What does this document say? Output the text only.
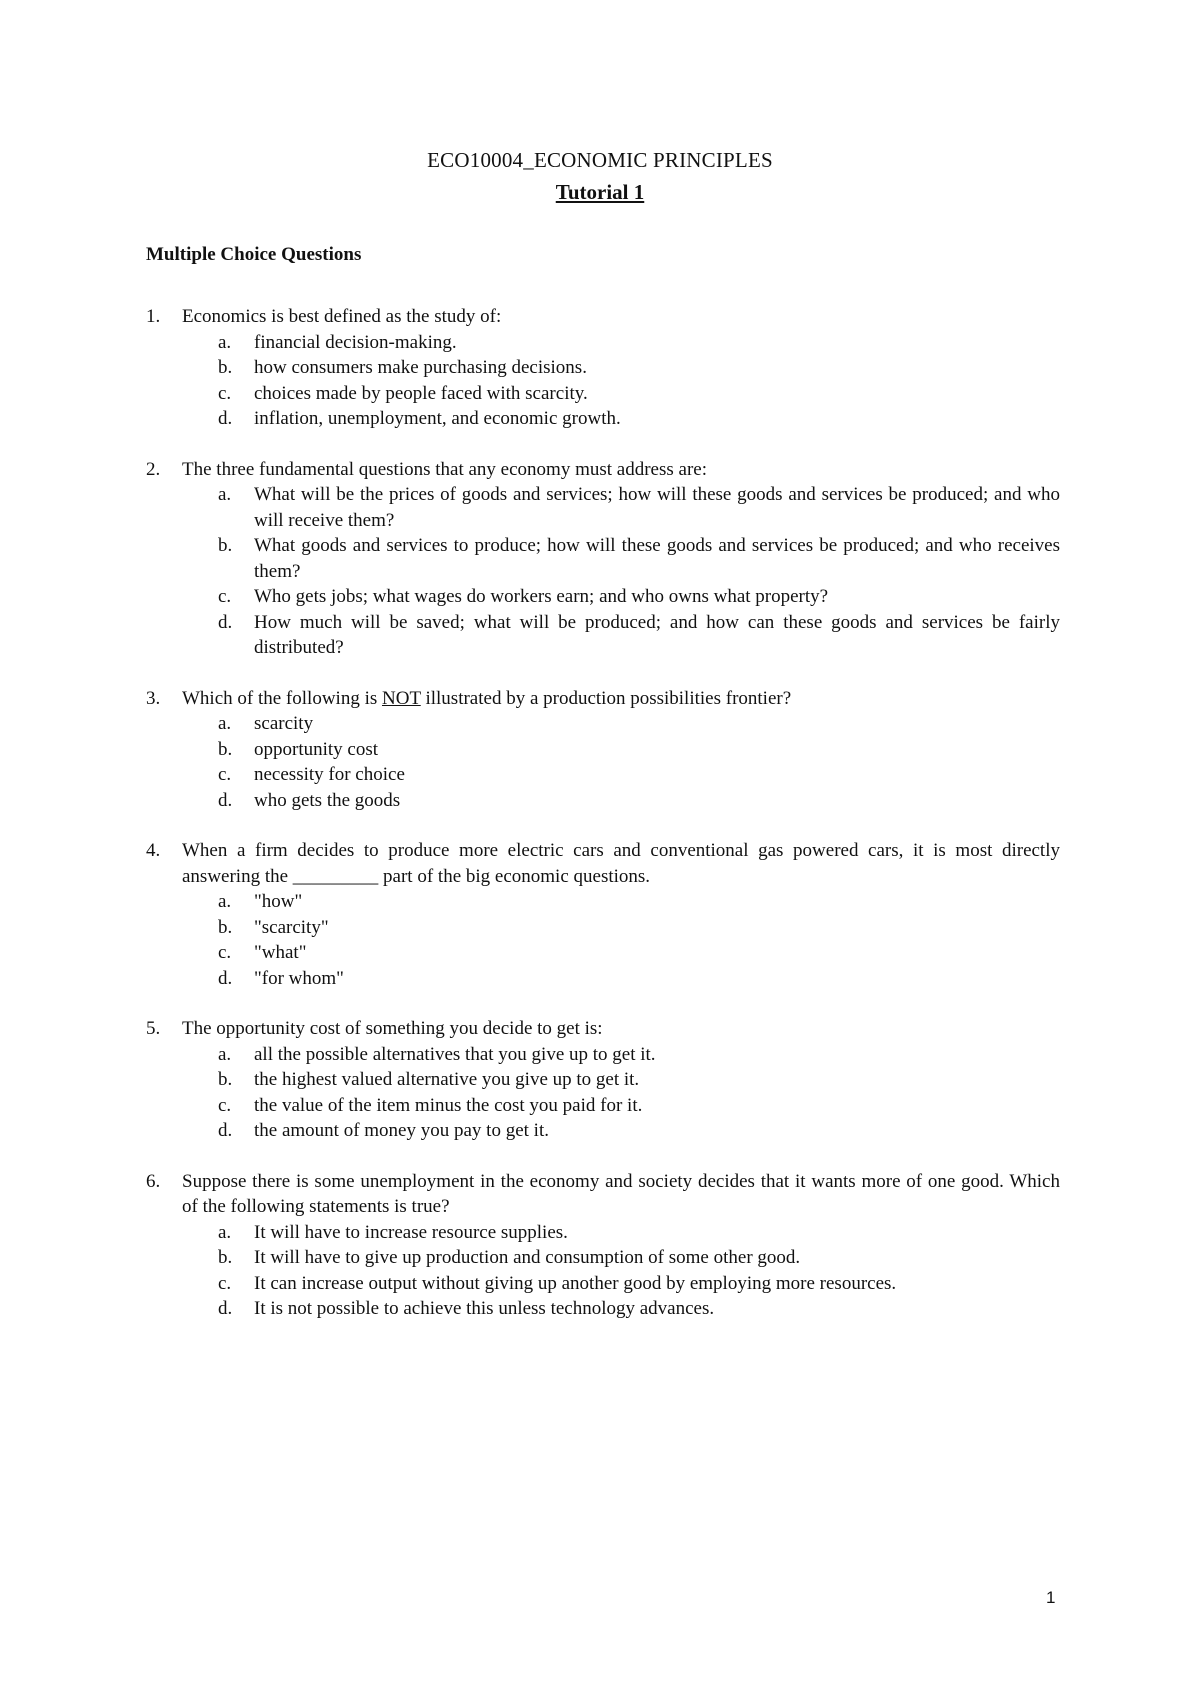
ECO10004_ECONOMIC PRINCIPLES
Tutorial 1
Multiple Choice Questions
1.	Economics is best defined as the study of:
a.	financial decision-making.
b.	how consumers make purchasing decisions.
c.	choices made by people faced with scarcity.
d.	inflation, unemployment, and economic growth.
2.	The three fundamental questions that any economy must address are:
a.	What will be the prices of goods and services; how will these goods and services be produced; and who will receive them?
b.	What goods and services to produce; how will these goods and services be produced; and who receives them?
c.	Who gets jobs; what wages do workers earn; and who owns what property?
d.	How much will be saved; what will be produced; and how can these goods and services be fairly distributed?
3.	Which of the following is NOT illustrated by a production possibilities frontier?
a.	scarcity
b.	opportunity cost
c.	necessity for choice
d.	who gets the goods
4.	When a firm decides to produce more electric cars and conventional gas powered cars, it is most directly answering the _________ part of the big economic questions.
a.	"how"
b.	"scarcity"
c.	"what"
d.	"for whom"
5.	The opportunity cost of something you decide to get is:
a.	all the possible alternatives that you give up to get it.
b.	the highest valued alternative you give up to get it.
c.	the value of the item minus the cost you paid for it.
d.	the amount of money you pay to get it.
6.	Suppose there is some unemployment in the economy and society decides that it wants more of one good. Which of the following statements is true?
a.	It will have to increase resource supplies.
b.	It will have to give up production and consumption of some other good.
c.	It can increase output without giving up another good by employing more resources.
d.	It is not possible to achieve this unless technology advances.
1
